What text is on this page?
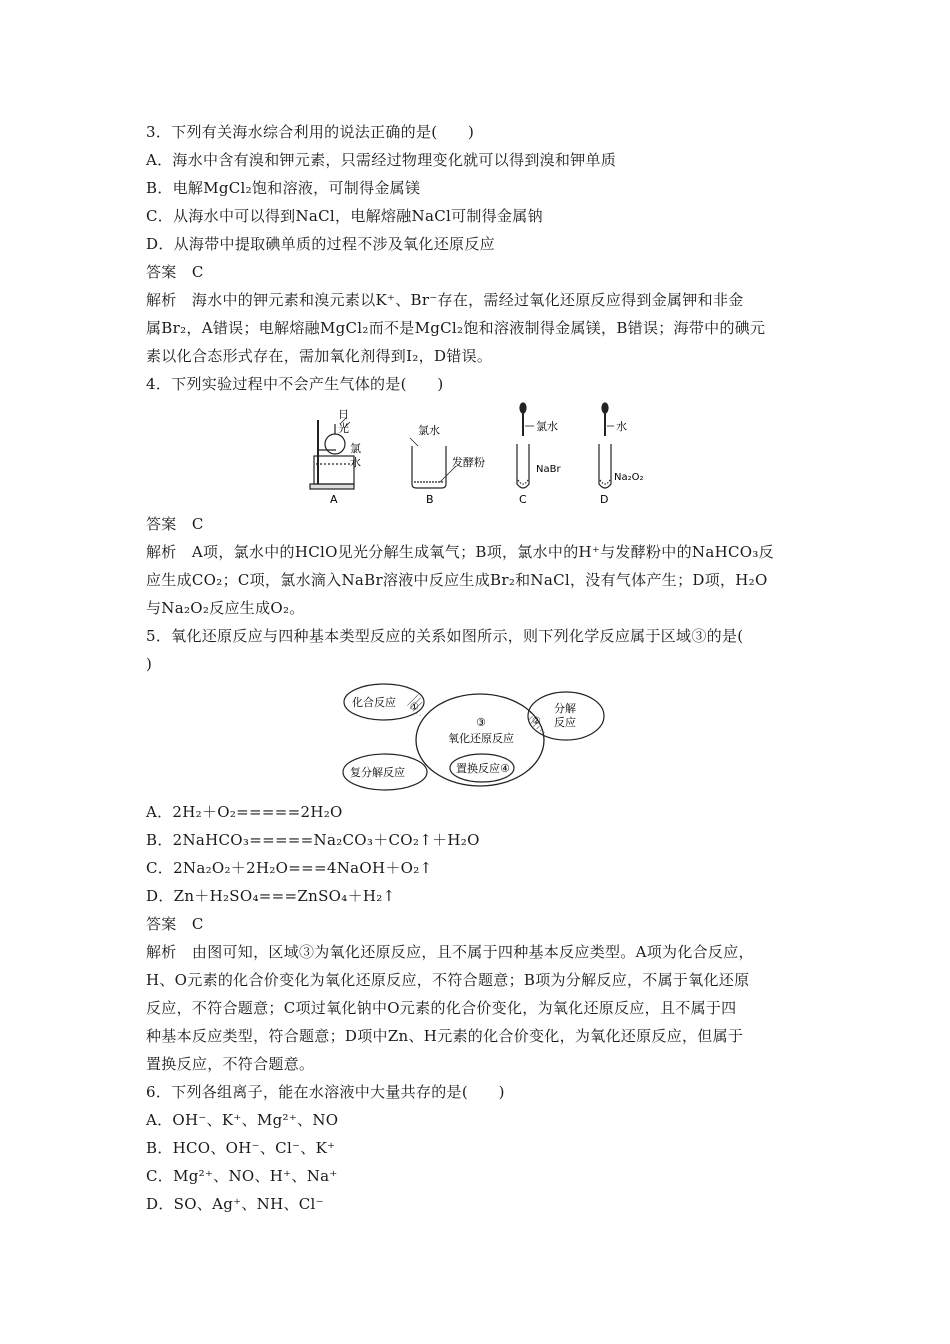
3．下列有关海水综合利用的说法正确的是(　　)
A．海水中含有溴和钾元素，只需经过物理变化就可以得到溴和钾单质
B．电解MgCl₂饱和溶液，可制得金属镁
C．从海水中可以得到NaCl，电解熔融NaCl可制得金属钠
D．从海带中提取碘单质的过程不涉及氧化还原反应
答案　C
解析　海水中的钾元素和溴元素以K⁺、Br⁻存在，需经过氧化还原反应得到金属钾和非金
属Br₂，A错误；电解熔融MgCl₂而不是MgCl₂饱和溶液制得金属镁，B错误；海带中的碘元
素以化合态形式存在，需加氧化剂得到I₂，D错误。
4．下列实验过程中不会产生气体的是(　　)
日
光
氯
水
A
氯水
发酵粉
B
氯水
NaBr
C
水
Na₂O₂
D
答案　C
解析　A项，氯水中的HClO见光分解生成氧气；B项，氯水中的H⁺与发酵粉中的NaHCO₃反
应生成CO₂；C项，氯水滴入NaBr溶液中反应生成Br₂和NaCl，没有气体产生；D项，H₂O
与Na₂O₂反应生成O₂。
5．氧化还原反应与四种基本类型反应的关系如图所示，则下列化学反应属于区域③的是(
)
化合反应 ①	分解
反应
②
③
氧化还原反应
复分解反应	置换反应④
A．2H₂＋O₂=====2H₂O
B．2NaHCO₃=====Na₂CO₃＋CO₂↑＋H₂O
C．2Na₂O₂＋2H₂O===4NaOH＋O₂↑
D．Zn＋H₂SO₄===ZnSO₄＋H₂↑
答案　C
解析　由图可知，区域③为氧化还原反应，且不属于四种基本反应类型。A项为化合反应，
H、O元素的化合价变化为氧化还原反应，不符合题意；B项为分解反应，不属于氧化还原
反应，不符合题意；C项过氧化钠中O元素的化合价变化，为氧化还原反应，且不属于四
种基本反应类型，符合题意；D项中Zn、H元素的化合价变化，为氧化还原反应，但属于
置换反应，不符合题意。
6．下列各组离子，能在水溶液中大量共存的是(　　)
A．OH⁻、K⁺、Mg²⁺、NO
B．HCO、OH⁻、Cl⁻、K⁺
C．Mg²⁺、NO、H⁺、Na⁺
D．SO、Ag⁺、NH、Cl⁻
